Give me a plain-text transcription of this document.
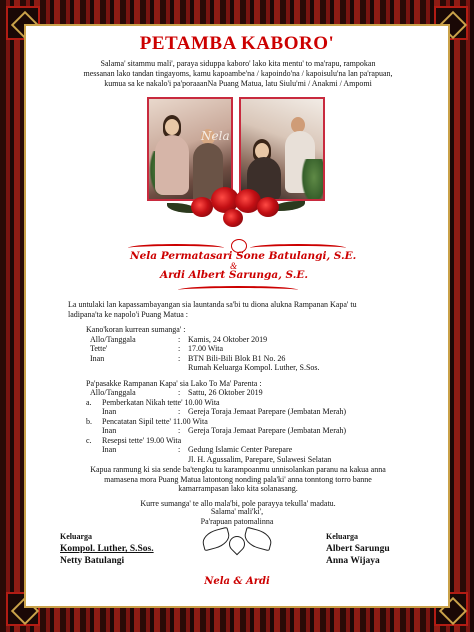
PETAMBA KABORO'
Salama' sitammu mali', paraya siduppa kaboro' lako kita mentu' to ma'rapu, rampokan
messanan lako tandan tingayoms, kamu kapoambe'na / kapoindo'na / kapoisulu'na lan pa'rapuan,
kumua sa ke nakalo'i pa'poraaanNa Puang Matua, latu Siulu'mi / Anakmi / Ampomi
Nela
Nela Permatasari Sone Batulangi, S.E.
&
Ardi Albert Sarunga, S.E.
La untulaki lan kapassambayangan sia launtanda sa'bi tu diona alukna Rampanan Kapa' tu
ladipana'ta ke napolo'i Puang Matua :
Kano'koran kurrean sumanga' :
Allo/Tanggala	: Kamis, 24 Oktober 2019
Tette'	: 17.00 Wita
Inan	: BTN Bili-Bili Blok B1 No. 26
Rumah Keluarga Kompol. Luther, S.Sos.
Pa'pasakke Rampanan Kapa' sia Lako To Ma' Parenta :
Allo/Tanggala	: Sattu, 26 Oktober 2019
a. Pemberkatan Nikah tette' 10.00 Wita
Inan	: Gereja Toraja Jemaat Parepare (Jembatan Merah)
b. Pencatatan Sipil tette' 11.00 Wita
Inan	: Gereja Toraja Jemaat Parepare (Jembatan Merah)
c. Resepsi tette' 19.00 Wita
Inan	: Gedung Islamic Center Parepare
Jl. H. Agussalim, Parepare, Sulawesi Selatan
Kapua ranmung ki sia sende ba'tengku tu karampoanmu unnisolankan paranu na kakua anna
mamasena mora Puang Matua latontong nonding pala'ki' anna tonntong torro banne
kamarrampasan lako kita solanasang.
Kurre sumanga' te allo mala'bi, pole parayya tekulla' madatu.
Salama' mali'ki',
Pa'rapuan patomalinna
Keluarga
Kompol. Luther, S.Sos.
Netty Batulangi
Keluarga
Albert Sarungu
Anna Wijaya
Nela & Ardi
